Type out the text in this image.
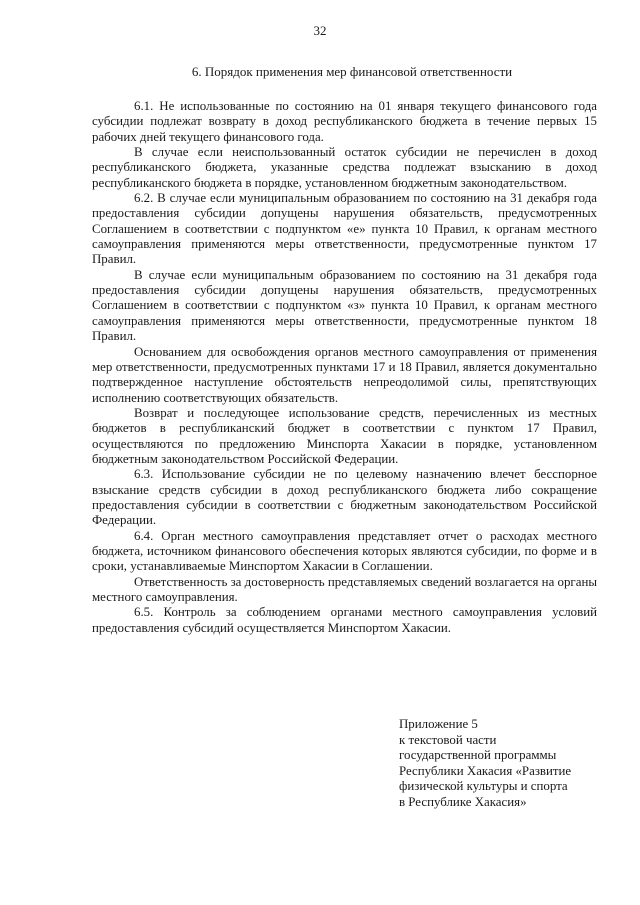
32
6. Порядок применения мер финансовой ответственности

6.1. Не использованные по состоянию на 01 января текущего финансового года субсидии подлежат возврату в доход республиканского бюджета в течение первых 15 рабочих дней текущего финансового года.

В случае если неиспользованный остаток субсидии не перечислен в доход республиканского бюджета, указанные средства подлежат взысканию в доход республиканского бюджета в порядке, установленном бюджетным законодательством.

6.2. В случае если муниципальным образованием по состоянию на 31 декабря года предоставления субсидии допущены нарушения обязательств, предусмотренных Соглашением в соответствии с подпунктом «е» пункта 10 Правил, к органам местного самоуправления применяются меры ответственности, предусмотренные пунктом 17 Правил.

В случае если муниципальным образованием по состоянию на 31 декабря года предоставления субсидии допущены нарушения обязательств, предусмотренных Соглашением в соответствии с подпунктом «з» пункта 10 Правил, к органам местного самоуправления применяются меры ответственности, предусмотренные пунктом 18 Правил.

Основанием для освобождения органов местного самоуправления от применения мер ответственности, предусмотренных пунктами 17 и 18 Правил, является документально подтвержденное наступление обстоятельств непреодолимой силы, препятствующих исполнению соответствующих обязательств.

Возврат и последующее использование средств, перечисленных из местных бюджетов в республиканский бюджет в соответствии с пунктом 17 Правил, осуществляются по предложению Минспорта Хакасии в порядке, установленном бюджетным законодательством Российской Федерации.

6.3. Использование субсидии не по целевому назначению влечет бесспорное взыскание средств субсидии в доход республиканского бюджета либо сокращение предоставления субсидии в соответствии с бюджетным законодательством Российской Федерации.

6.4. Орган местного самоуправления представляет отчет о расходах местного бюджета, источником финансового обеспечения которых являются субсидии, по форме и в сроки, устанавливаемые Минспортом Хакасии в Соглашении.

Ответственность за достоверность представляемых сведений возлагается на органы местного самоуправления.

6.5. Контроль за соблюдением органами местного самоуправления условий предоставления субсидий осуществляется Минспортом Хакасии.

Приложение 5
к текстовой части
государственной программы
Республики Хакасия «Развитие
физической культуры и спорта
в Республике Хакасия»
